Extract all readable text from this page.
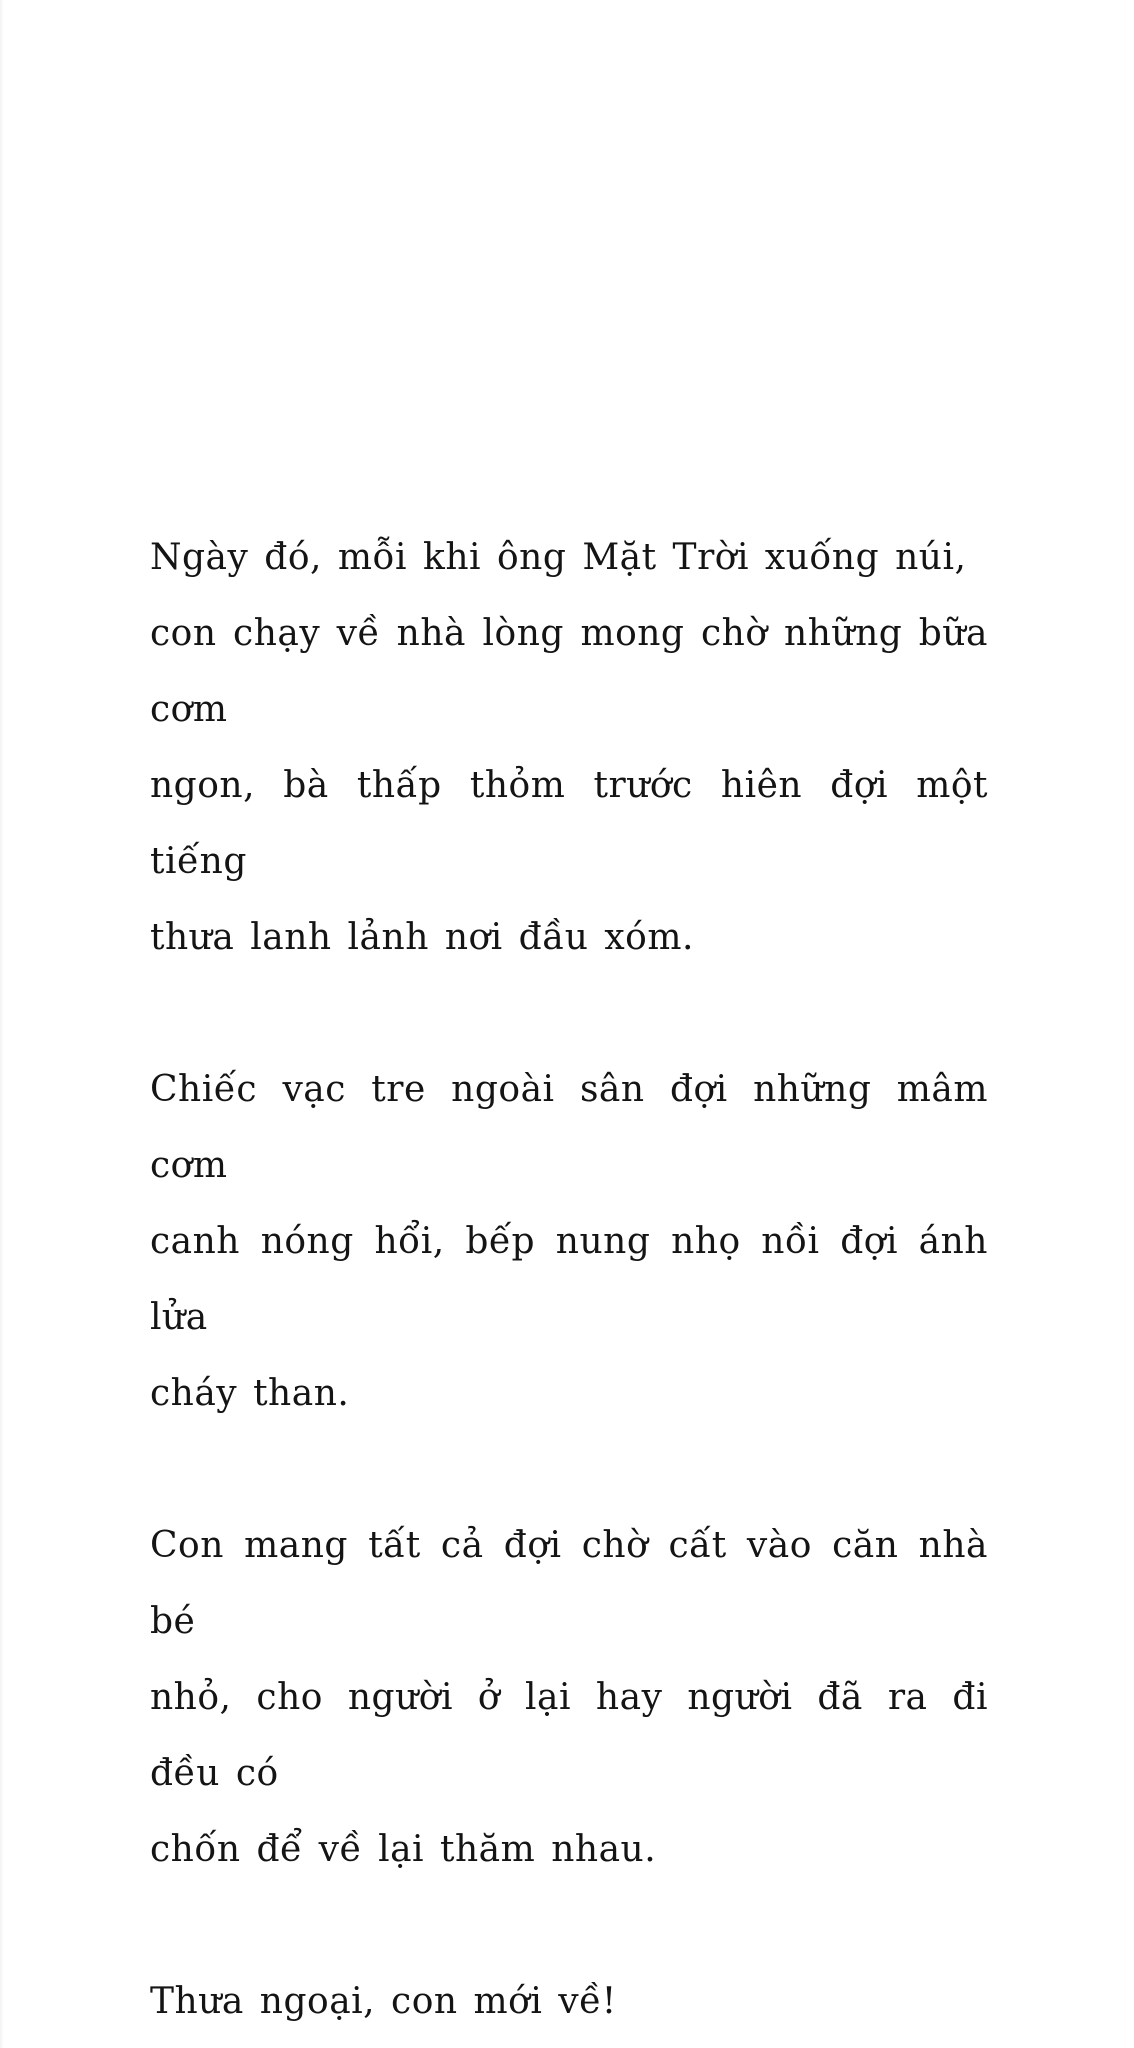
Ngày đó, mỗi khi ông Mặt Trời xuống núi,
con chạy về nhà lòng mong chờ những bữa cơm
ngon, bà thấp thỏm trước hiên đợi một tiếng
thưa lanh lảnh nơi đầu xóm.

Chiếc vạc tre ngoài sân đợi những mâm cơm
canh nóng hổi, bếp nung nhọ nồi đợi ánh lửa
cháy than.

Con mang tất cả đợi chờ cất vào căn nhà bé
nhỏ, cho người ở lại hay người đã ra đi đều có
chốn để về lại thăm nhau.

Thưa ngoại, con mới về!
